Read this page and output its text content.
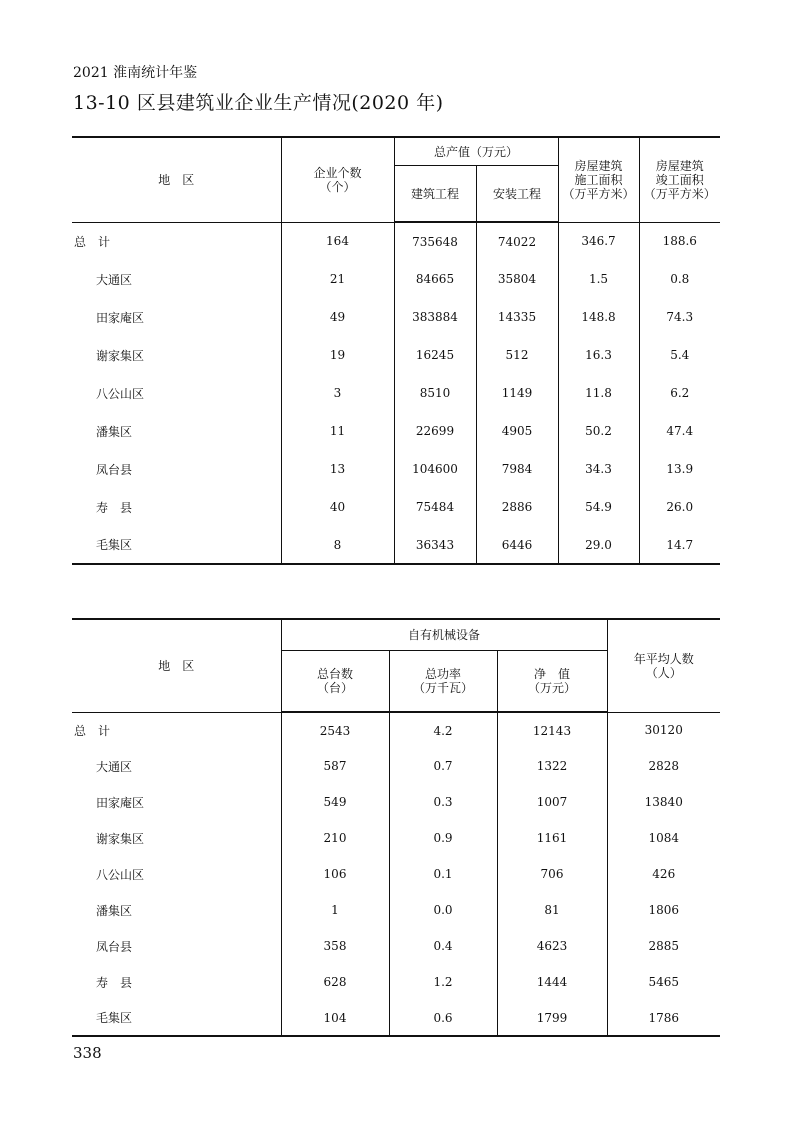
2021 淮南统计年鉴
13-10 区县建筑业企业生产情况(2020 年)
地　区	企业个数
（个）	总产值（万元）		房屋建筑
施工面积
（万平方米）	房屋建筑
竣工面积
（万平方米）
		建筑工程	安装工程		
总　计	164	735648	74022	346.7	188.6
大通区	21	84665	35804	1.5	0.8
田家庵区	49	383884	14335	148.8	74.3
谢家集区	19	16245	512	16.3	5.4
八公山区	3	8510	1149	11.8	6.2
潘集区	11	22699	4905	50.2	47.4
凤台县	13	104600	7984	34.3	13.9
寿　县	40	75484	2886	54.9	26.0
毛集区	8	36343	6446	29.0	14.7
地　区	自有机械设备			年平均人数
（人）
	总台数
（台）	总功率
（万千瓦）	净　值
（万元）	
总　计	2543	4.2	12143	30120
大通区	587	0.7	1322	2828
田家庵区	549	0.3	1007	13840
谢家集区	210	0.9	1161	1084
八公山区	106	0.1	706	426
潘集区	1	0.0	81	1806
凤台县	358	0.4	4623	2885
寿　县	628	1.2	1444	5465
毛集区	104	0.6	1799	1786
338
